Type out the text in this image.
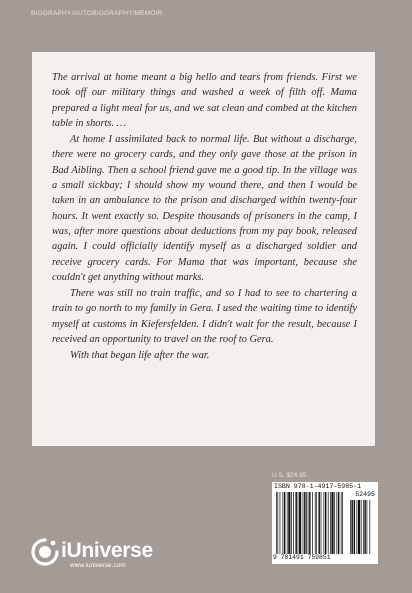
BIOGRAPHY/AUTOBIOGRAPHY/MEMOIR

The arrival at home meant a big hello and tears from friends. First we took off our military things and washed a week of filth off. Mama prepared a light meal for us, and we sat clean and combed at the kitchen table in shorts. …

At home I assimilated back to normal life. But without a discharge, there were no grocery cards, and they only gave those at the prison in Bad Aibling. Then a school friend gave me a good tip. In the village was a small sickbay; I should show my wound there, and then I would be taken in an ambulance to the prison and discharged within twenty-four hours. It went exactly so. Despite thousands of prisoners in the camp, I was, after more questions about deductions from my pay book, released again. I could officially identify myself as a discharged soldier and receive grocery cards. For Mama that was important, because she couldn't get anything without marks.

There was still no train traffic, and so I had to see to chartering a train to go north to my family in Gera. I used the waiting time to identify myself at customs in Kiefersfelden. I didn't wait for the result, because I received an opportunity to travel on the roof to Gera.

With that began life after the war.

U.S. $24.95
ISBN 978-1-4917-5985-1
52495
9 781491 759851
iUniverse
www.iuniverse.com
